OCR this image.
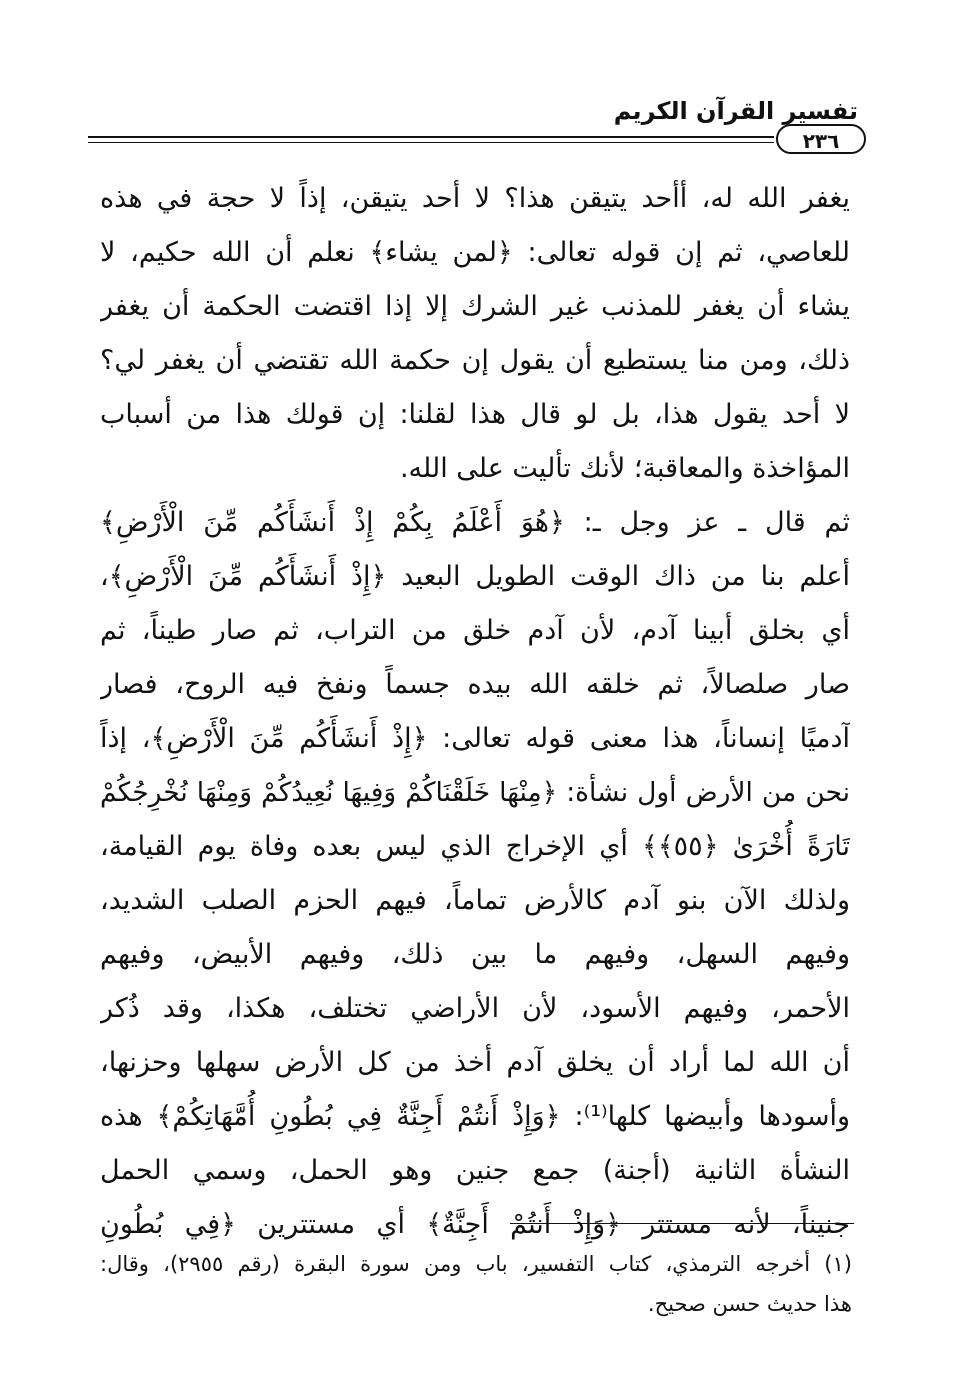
تفسير القرآن الكريم
٢٣٦
يغفر الله له، أأحد يتيقن هذا؟ لا أحد يتيقن، إذاً لا حجة في هذه
للعاصي، ثم إن قوله تعالى: ﴿لمن يشاء﴾ نعلم أن الله حكيم، لا
يشاء أن يغفر للمذنب غير الشرك إلا إذا اقتضت الحكمة أن يغفر
ذلك، ومن منا يستطيع أن يقول إن حكمة الله تقتضي أن يغفر لي؟
لا أحد يقول هذا، بل لو قال هذا لقلنا: إن قولك هذا من أسباب
المؤاخذة والمعاقبة؛ لأنك تأليت على الله.
ثم قال ـ عز وجل ـ: ﴿هُوَ أَعْلَمُ بِكُمْ إِذْ أَنشَأَكُم مِّنَ الْأَرْضِ﴾
أعلم بنا من ذاك الوقت الطويل البعيد ﴿إِذْ أَنشَأَكُم مِّنَ الْأَرْضِ﴾،
أي بخلق أبينا آدم، لأن آدم خلق من التراب، ثم صار طيناً، ثم
صار صلصالاً، ثم خلقه الله بيده جسماً ونفخ فيه الروح، فصار
آدميًا إنساناً، هذا معنى قوله تعالى: ﴿إِذْ أَنشَأَكُم مِّنَ الْأَرْضِ﴾، إذاً
نحن من الأرض أول نشأة: ﴿مِنْهَا خَلَقْنَاكُمْ وَفِيهَا نُعِيدُكُمْ وَمِنْهَا نُخْرِجُكُمْ
تَارَةً أُخْرَىٰ ﴿٥٥﴾﴾ أي الإخراج الذي ليس بعده وفاة يوم القيامة،
ولذلك الآن بنو آدم كالأرض تماماً، فيهم الحزم الصلب الشديد،
وفيهم السهل، وفيهم ما بين ذلك، وفيهم الأبيض، وفيهم
الأحمر، وفيهم الأسود، لأن الأراضي تختلف، هكذا، وقد ذُكر
أن الله لما أراد أن يخلق آدم أخذ من كل الأرض سهلها وحزنها،
وأسودها وأبيضها كلها⁽¹⁾: ﴿وَإِذْ أَنتُمْ أَجِنَّةٌ فِي بُطُونِ أُمَّهَاتِكُمْ﴾ هذه
النشأة الثانية (أجنة) جمع جنين وهو الحمل، وسمي الحمل
جنيناً، لأنه مستتر ﴿وَإِذْ أَنتُمْ أَجِنَّةٌ﴾ أي مستترين ﴿فِي بُطُونِ
(١) أخرجه الترمذي، كتاب التفسير، باب ومن سورة البقرة (رقم ٢٩٥٥)، وقال:
هذا حديث حسن صحيح.
